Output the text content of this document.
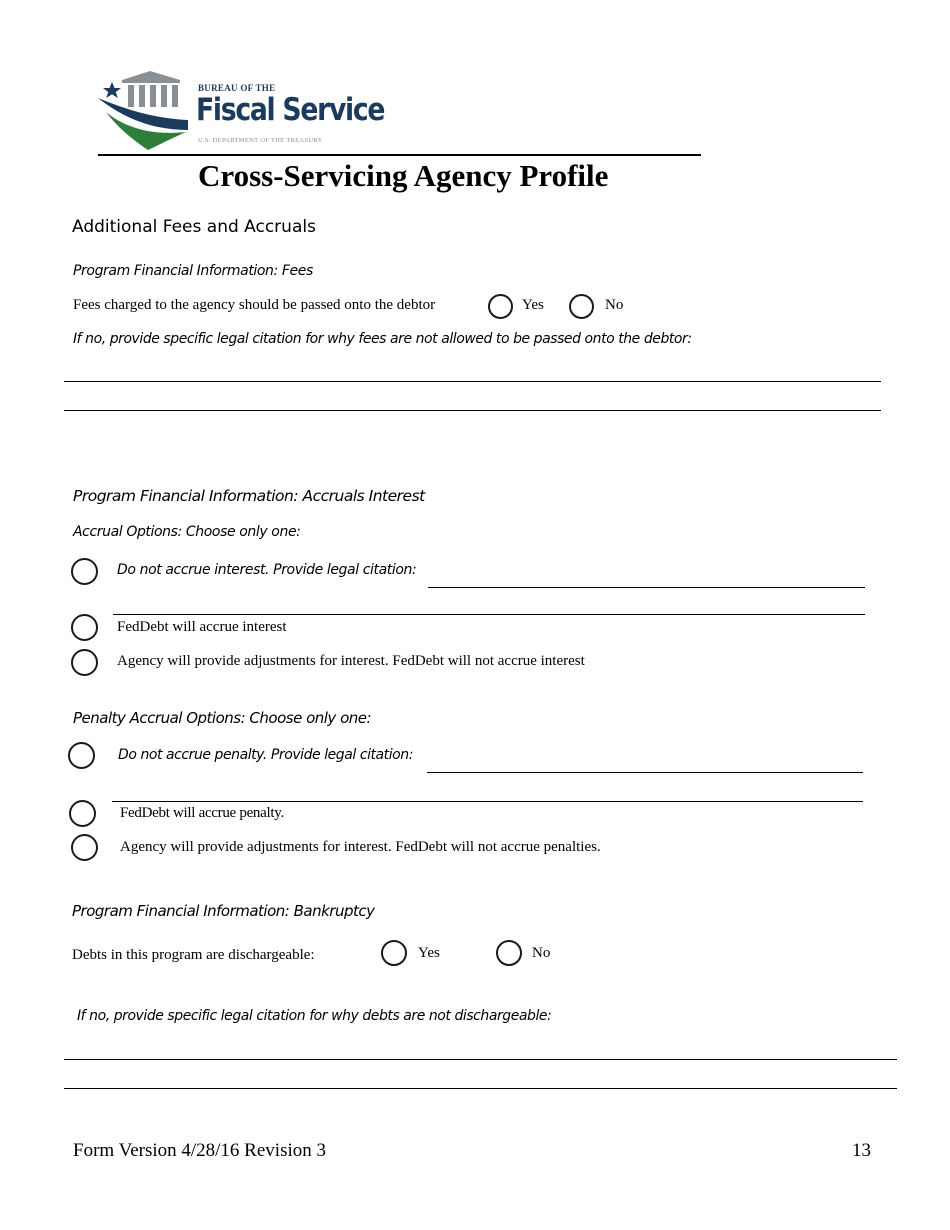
BUREAU OF THE
Fiscal Service
U.S. DEPARTMENT OF THE TREASURY
Cross-Servicing Agency Profile
Additional Fees and Accruals
Program Financial Information: Fees
Fees charged to the agency should be passed onto the debtor	Yes	No
If no, provide specific legal citation for why fees are not allowed to be passed onto the debtor:
Program Financial Information: Accruals Interest
Accrual Options: Choose only one:
Do not accrue interest. Provide legal citation:
FedDebt will accrue interest
Agency will provide adjustments for interest. FedDebt will not accrue interest
Penalty Accrual Options: Choose only one:
Do not accrue penalty. Provide legal citation:
FedDebt will accrue penalty.
Agency will provide adjustments for interest. FedDebt will not accrue penalties.
Program Financial Information: Bankruptcy
Debts in this program are dischargeable:	Yes	No
If no, provide specific legal citation for why debts are not dischargeable:
Form Version 4/28/16 Revision 3	13
